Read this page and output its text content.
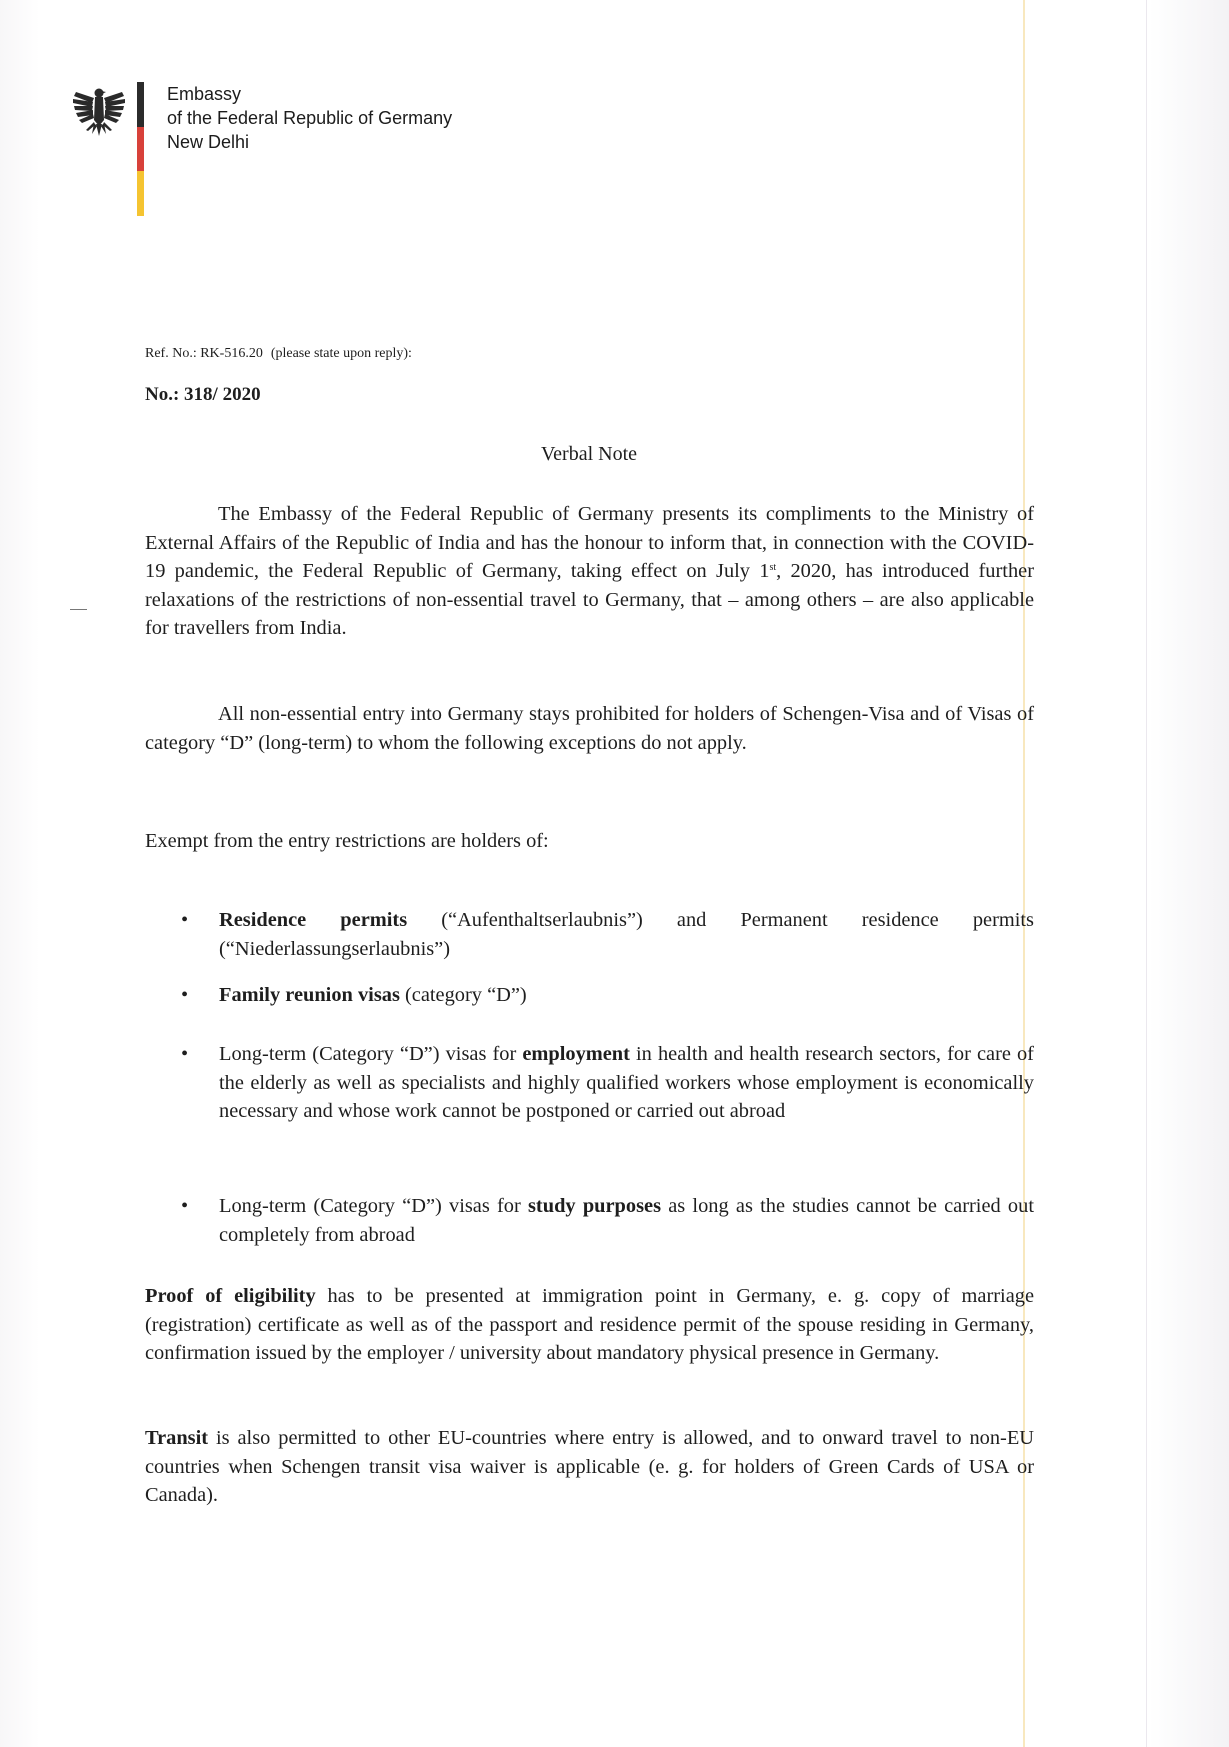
Embassy
of the Federal Republic of Germany
New Delhi
Ref. No.: RK-516.20 (please state upon reply):
No.: 318/ 2020
Verbal Note

The Embassy of the Federal Republic of Germany presents its compliments to the Ministry of External Affairs of the Republic of India and has the honour to inform that, in connection with the COVID-19 pandemic, the Federal Republic of Germany, taking effect on July 1st, 2020, has introduced further relaxations of the restrictions of non-essential travel to Germany, that – among others – are also applicable for travellers from India.

All non-essential entry into Germany stays prohibited for holders of Schengen-Visa and of Visas of category “D” (long-term) to whom the following exceptions do not apply.

Exempt from the entry restrictions are holders of:

• Residence permits (“Aufenthaltserlaubnis”) and Permanent residence permits (“Niederlassungserlaubnis”)
• Family reunion visas (category “D”)
• Long-term (Category “D”) visas for employment in health and health research sectors, for care of the elderly as well as specialists and highly qualified workers whose employment is economically necessary and whose work cannot be postponed or carried out abroad
• Long-term (Category “D”) visas for study purposes as long as the studies cannot be carried out completely from abroad

Proof of eligibility has to be presented at immigration point in Germany, e. g. copy of marriage (registration) certificate as well as of the passport and residence permit of the spouse residing in Germany, confirmation issued by the employer / university about mandatory physical presence in Germany.

Transit is also permitted to other EU-countries where entry is allowed, and to onward travel to non-EU countries when Schengen transit visa waiver is applicable (e. g. for holders of Green Cards of USA or Canada).
